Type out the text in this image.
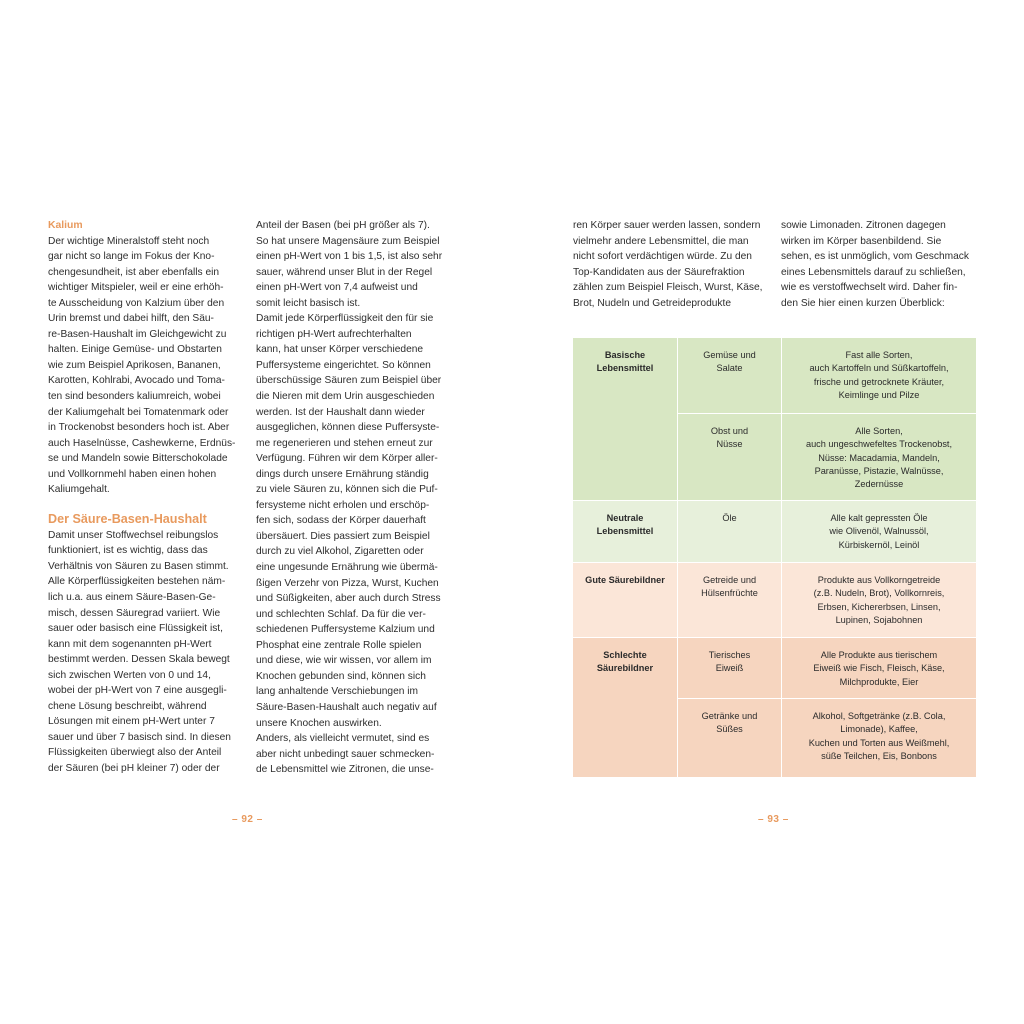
Kalium
Der wichtige Mineralstoff steht noch
gar nicht so lange im Fokus der Kno-
chengesundheit, ist aber ebenfalls ein
wichtiger Mitspieler, weil er eine erhöh-
te Ausscheidung von Kalzium über den
Urin bremst und dabei hilft, den Säu-
re-Basen-Haushalt im Gleichgewicht zu
halten. Einige Gemüse- und Obstarten
wie zum Beispiel Aprikosen, Bananen,
Karotten, Kohlrabi, Avocado und Toma-
ten sind besonders kaliumreich, wobei
der Kaliumgehalt bei Tomatenmark oder
in Trockenobst besonders hoch ist. Aber
auch Haselnüsse, Cashewkerne, Erdnüs-
se und Mandeln sowie Bitterschokolade
und Vollkornmehl haben einen hohen
Kaliumgehalt.
Der Säure-Basen-Haushalt
Damit unser Stoffwechsel reibungslos
funktioniert, ist es wichtig, dass das
Verhältnis von Säuren zu Basen stimmt.
Alle Körperflüssigkeiten bestehen näm-
lich u.a. aus einem Säure-Basen-Ge-
misch, dessen Säuregrad variiert. Wie
sauer oder basisch eine Flüssigkeit ist,
kann mit dem sogenannten pH-Wert
bestimmt werden. Dessen Skala bewegt
sich zwischen Werten von 0 und 14,
wobei der pH-Wert von 7 eine ausgegli-
chene Lösung beschreibt, während
Lösungen mit einem pH-Wert unter 7
sauer und über 7 basisch sind. In diesen
Flüssigkeiten überwiegt also der Anteil
der Säuren (bei pH kleiner 7) oder der
Anteil der Basen (bei pH größer als 7).
So hat unsere Magensäure zum Beispiel
einen pH-Wert von 1 bis 1,5, ist also sehr
sauer, während unser Blut in der Regel
einen pH-Wert von 7,4 aufweist und
somit leicht basisch ist.
Damit jede Körperflüssigkeit den für sie
richtigen pH-Wert aufrechterhalten
kann, hat unser Körper verschiedene
Puffersysteme eingerichtet. So können
überschüssige Säuren zum Beispiel über
die Nieren mit dem Urin ausgeschieden
werden. Ist der Haushalt dann wieder
ausgeglichen, können diese Puffersyste-
me regenerieren und stehen erneut zur
Verfügung. Führen wir dem Körper aller-
dings durch unsere Ernährung ständig
zu viele Säuren zu, können sich die Puf-
fersysteme nicht erholen und erschöp-
fen sich, sodass der Körper dauerhaft
übersäuert. Dies passiert zum Beispiel
durch zu viel Alkohol, Zigaretten oder
eine ungesunde Ernährung wie übermä-
ßigen Verzehr von Pizza, Wurst, Kuchen
und Süßigkeiten, aber auch durch Stress
und schlechten Schlaf. Da für die ver-
schiedenen Puffersysteme Kalzium und
Phosphat eine zentrale Rolle spielen
und diese, wie wir wissen, vor allem im
Knochen gebunden sind, können sich
lang anhaltende Verschiebungen im
Säure-Basen-Haushalt auch negativ auf
unsere Knochen auswirken.
Anders, als vielleicht vermutet, sind es
aber nicht unbedingt sauer schmecken-
de Lebensmittel wie Zitronen, die unse-
– 92 –
ren Körper sauer werden lassen, sondern
vielmehr andere Lebensmittel, die man
nicht sofort verdächtigen würde. Zu den
Top-Kandidaten aus der Säurefraktion
zählen zum Beispiel Fleisch, Wurst, Käse,
Brot, Nudeln und Getreideprodukte
sowie Limonaden. Zitronen dagegen
wirken im Körper basenbildend. Sie
sehen, es ist unmöglich, vom Geschmack
eines Lebensmittels darauf zu schließen,
wie es verstoffwechselt wird. Daher fin-
den Sie hier einen kurzen Überblick:
Basische
Lebensmittel
Gemüse und
Salate
Fast alle Sorten,
auch Kartoffeln und Süßkartoffeln,
frische und getrocknete Kräuter,
Keimlinge und Pilze
Obst und
Nüsse
Alle Sorten,
auch ungeschwefeltes Trockenobst,
Nüsse: Macadamia, Mandeln,
Paranüsse, Pistazie, Walnüsse,
Zedernüsse
Neutrale
Lebensmittel
Öle	Alle kalt gepressten Öle
wie Olivenöl, Walnussöl,
Kürbiskernöl, Leinöl
Gute Säurebildner	Getreide und
Hülsenfrüchte
Produkte aus Vollkorngetreide
(z.B. Nudeln, Brot), Vollkornreis,
Erbsen, Kichererbsen, Linsen,
Lupinen, Sojabohnen
Schlechte
Säurebildner
Tierisches
Eiweiß
Alle Produkte aus tierischem
Eiweiß wie Fisch, Fleisch, Käse,
Milchprodukte, Eier
Getränke und
Süßes
Alkohol, Softgetränke (z.B. Cola,
Limonade), Kaffee,
Kuchen und Torten aus Weißmehl,
süße Teilchen, Eis, Bonbons
– 93 –
